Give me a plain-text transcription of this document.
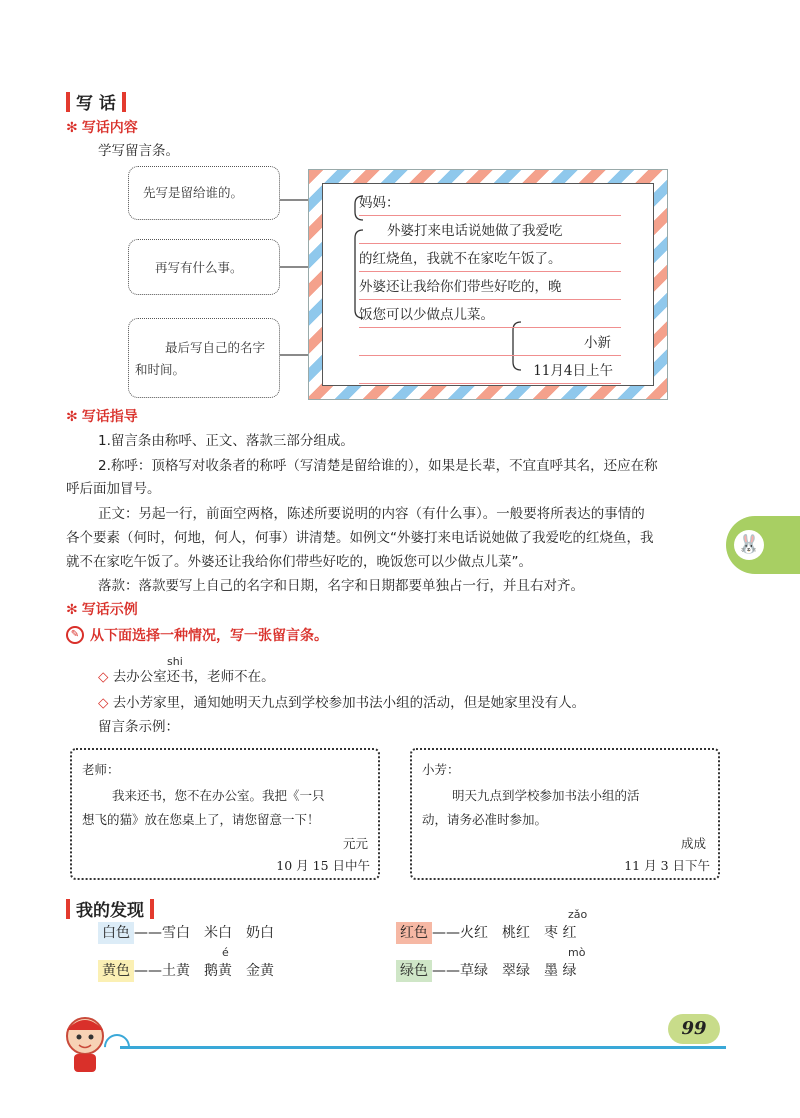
写 话
✻ 写话内容
学写留言条。
先写是留给谁的。
再写有什么事。
最后写自己的名字和时间。
妈妈：
外婆打来电话说她做了我爱吃
的红烧鱼，我就不在家吃午饭了。
外婆还让我给你们带些好吃的，晚
饭您可以少做点儿菜。
小新
11月4日上午
✻ 写话指导
1.留言条由称呼、正文、落款三部分组成。
2.称呼：顶格写对收条者的称呼（写清楚是留给谁的），如果是长辈，不宜直呼其名，还应在称
呼后面加冒号。
正文：另起一行，前面空两格，陈述所要说明的内容（有什么事）。一般要将所表达的事情的
各个要素（何时，何地，何人，何事）讲清楚。如例文“外婆打来电话说她做了我爱吃的红烧鱼，我
就不在家吃午饭了。外婆还让我给你们带些好吃的，晚饭您可以少做点儿菜”。
落款：落款要写上自己的名字和日期，名字和日期都要单独占一行，并且右对齐。
🐰
✻ 写话示例
✎ 从下面选择一种情况，写一张留言条。
shi
◇ 去办公室还书，老师不在。
◇ 去小芳家里，通知她明天九点到学校参加书法小组的活动，但是她家里没有人。
留言条示例：
老师：
我来还书，您不在办公室。我把《一只
想飞的猫》放在您桌上了，请您留意一下！
元元
10 月 15 日中午
小芳：
明天九点到学校参加书法小组的活
动，请务必准时参加。
成成
11 月 3 日下午
我的发现
白色 ——雪白　米白　奶白
zǎo
红色 ——火红　桃红　枣 红
é
黄色 ——土黄　鹅黄　金黄
mò
绿色 ——草绿　翠绿　墨 绿
99
